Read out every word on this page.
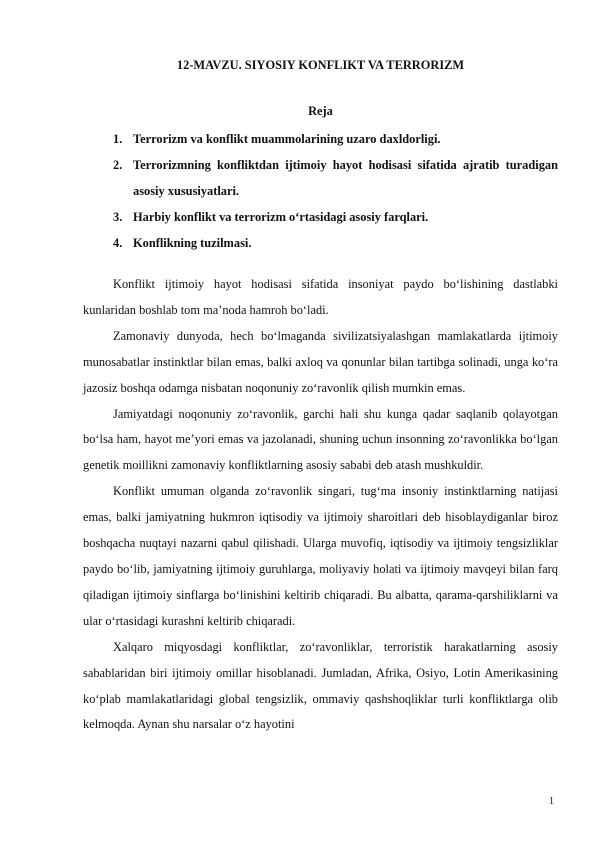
12-MAVZU. SIYOSIY KONFLIKT VA TERRORIZM
Reja
1. Terrorizm va konflikt muammolarining uzaro daxldorligi.
2. Terrorizmning konfliktdan ijtimoiy hayot hodisasi sifatida ajratib turadigan asosiy xususiyatlari.
3. Harbiy konflikt va terrorizm oʻrtasidagi asosiy farqlari.
4. Konflikning tuzilmasi.

Konflikt ijtimoiy hayot hodisasi sifatida insoniyat paydo boʻlishining dastlabki kunlaridan boshlab tom maʼnoda hamroh boʻladi.

Zamonaviy dunyoda, hech boʻlmaganda sivilizatsiyalashgan mamlakatlarda ijtimoiy munosabatlar instinktlar bilan emas, balki axloq va qonunlar bilan tartibga solinadi, unga koʻra jazosiz boshqa odamga nisbatan noqonuniy zoʻravonlik qilish mumkin emas.

Jamiyatdagi noqonuniy zoʻravonlik, garchi hali shu kunga qadar saqlanib qolayotgan boʻlsa ham, hayot meʼyori emas va jazolanadi, shuning uchun insonning zoʻravonlikka boʻlgan genetik moillikni zamonaviy konfliktlarning asosiy sababi deb atash mushkuldir.

Konflikt umuman olganda zoʻravonlik singari, tugʻma insoniy instinktlarning natijasi emas, balki jamiyatning hukmron iqtisodiy va ijtimoiy sharoitlari deb hisoblaydiganlar biroz boshqacha nuqtayi nazarni qabul qilishadi. Ularga muvofiq, iqtisodiy va ijtimoiy tengsizliklar paydo boʻlib, jamiyatning ijtimoiy guruhlarga, moliyaviy holati va ijtimoiy mavqeyi bilan farq qiladigan ijtimoiy sinflarga boʻlinishini keltirib chiqaradi. Bu albatta, qarama-qarshiliklarni va ular oʻrtasidagi kurashni keltirib chiqaradi.

Xalqaro miqyosdagi konfliktlar, zoʻravonliklar, terroristik harakatlarning asosiy sabablaridan biri ijtimoiy omillar hisoblanadi. Jumladan, Afrika, Osiyo, Lotin Amerikasining koʻplab mamlakatlaridagi global tengsizlik, ommaviy qashshoqliklar turli konfliktlarga olib kelmoqda. Aynan shu narsalar oʻz hayotini

1
